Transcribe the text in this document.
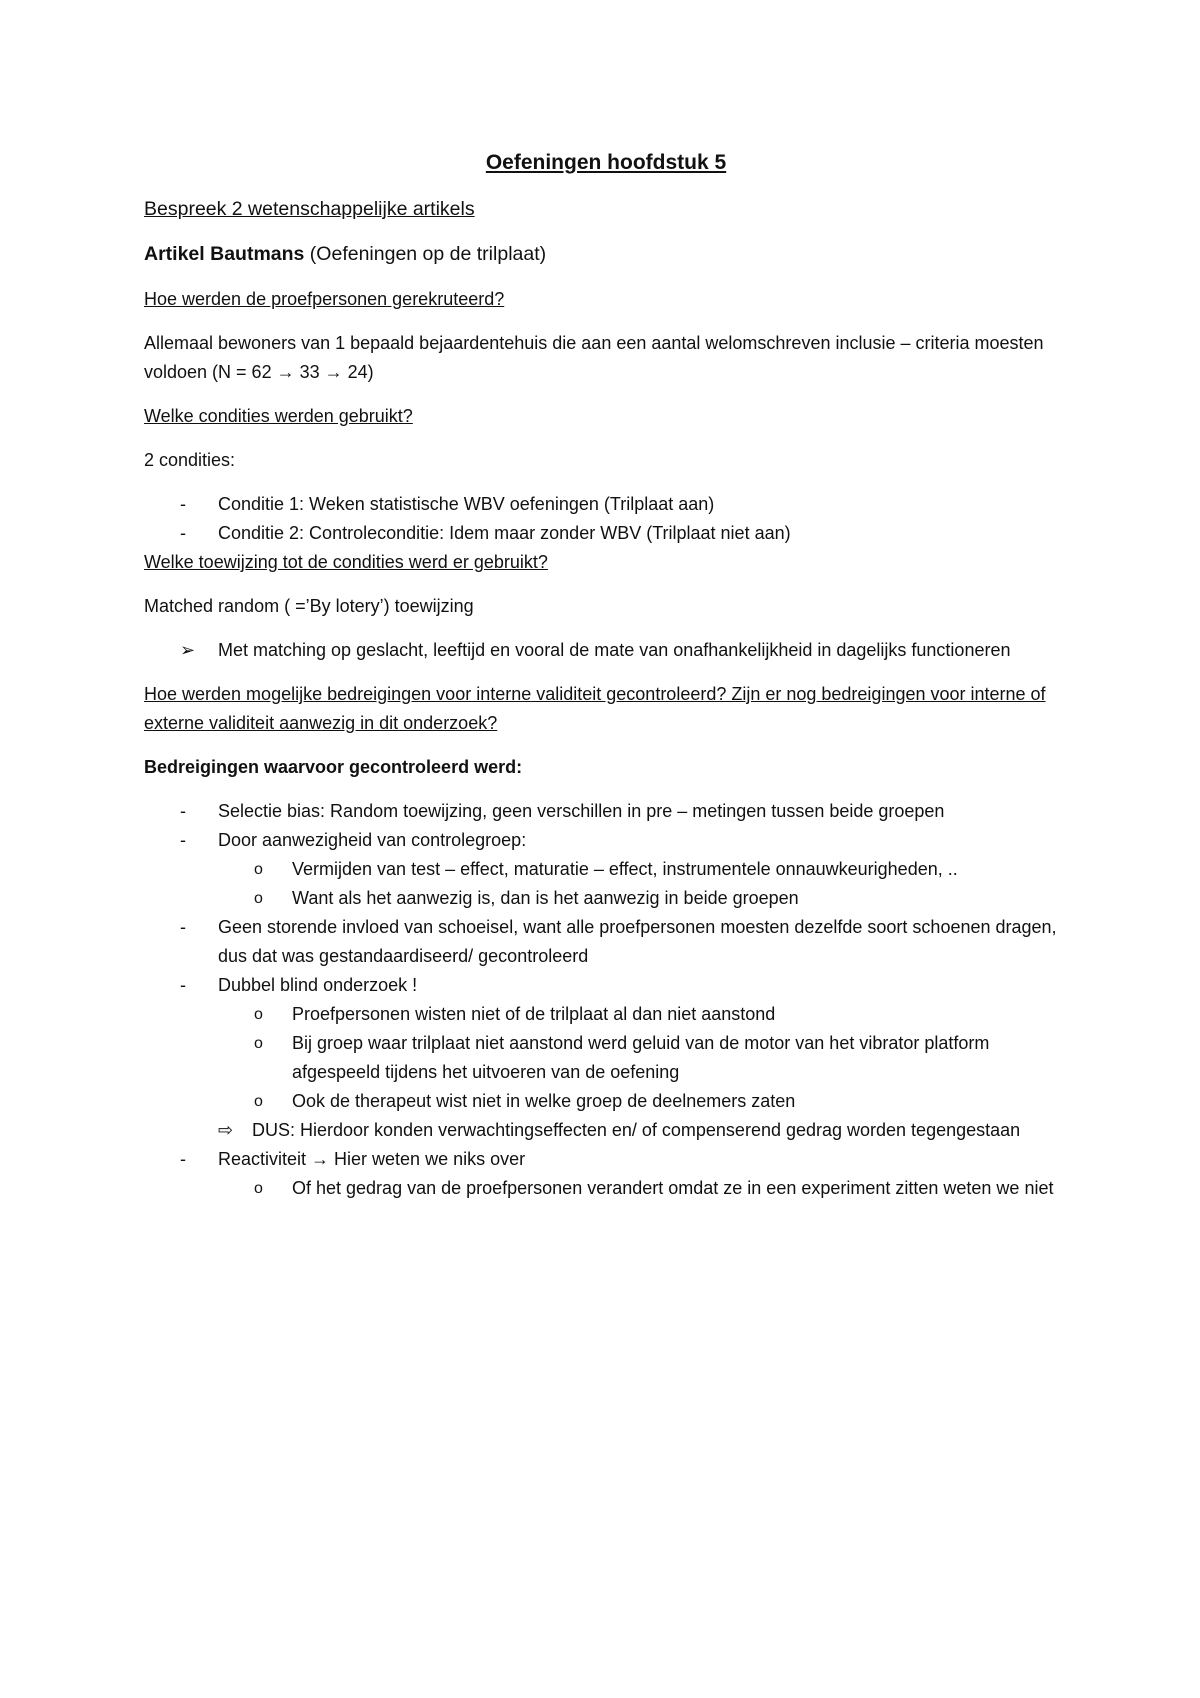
Oefeningen hoofdstuk 5
Bespreek 2 wetenschappelijke artikels
Artikel Bautmans (Oefeningen op de trilplaat)
Hoe werden de proefpersonen gerekruteerd?
Allemaal bewoners van 1 bepaald bejaardentehuis die aan een aantal welomschreven inclusie – criteria moesten voldoen (N = 62 → 33 → 24)
Welke condities werden gebruikt?
2 condities:
- Conditie 1: Weken statistische WBV oefeningen (Trilplaat aan)
- Conditie 2: Controleconditie: Idem maar zonder WBV (Trilplaat niet aan)
Welke toewijzing tot de condities werd er gebruikt?
Matched random ( =’By lotery’) toewijzing
➢ Met matching op geslacht, leeftijd en vooral de mate van onafhankelijkheid in dagelijks functioneren
Hoe werden mogelijke bedreigingen voor interne validiteit gecontroleerd? Zijn er nog bedreigingen voor interne of externe validiteit aanwezig in dit onderzoek?
Bedreigingen waarvoor gecontroleerd werd:
- Selectie bias: Random toewijzing, geen verschillen in pre – metingen tussen beide groepen
- Door aanwezigheid van controlegroep:
o Vermijden van test – effect, maturatie – effect, instrumentele onnauwkeurigheden, ..
o Want als het aanwezig is, dan is het aanwezig in beide groepen
- Geen storende invloed van schoeisel, want alle proefpersonen moesten dezelfde soort schoenen dragen, dus dat was gestandaardiseerd/ gecontroleerd
- Dubbel blind onderzoek !
o Proefpersonen wisten niet of de trilplaat al dan niet aanstond
o Bij groep waar trilplaat niet aanstond werd geluid van de motor van het vibrator platform afgespeeld tijdens het uitvoeren van de oefening
o Ook de therapeut wist niet in welke groep de deelnemers zaten
⇨ DUS: Hierdoor konden verwachtingseffecten en/ of compenserend gedrag worden tegengestaan
- Reactiviteit → Hier weten we niks over
o Of het gedrag van de proefpersonen verandert omdat ze in een experiment zitten weten we niet
